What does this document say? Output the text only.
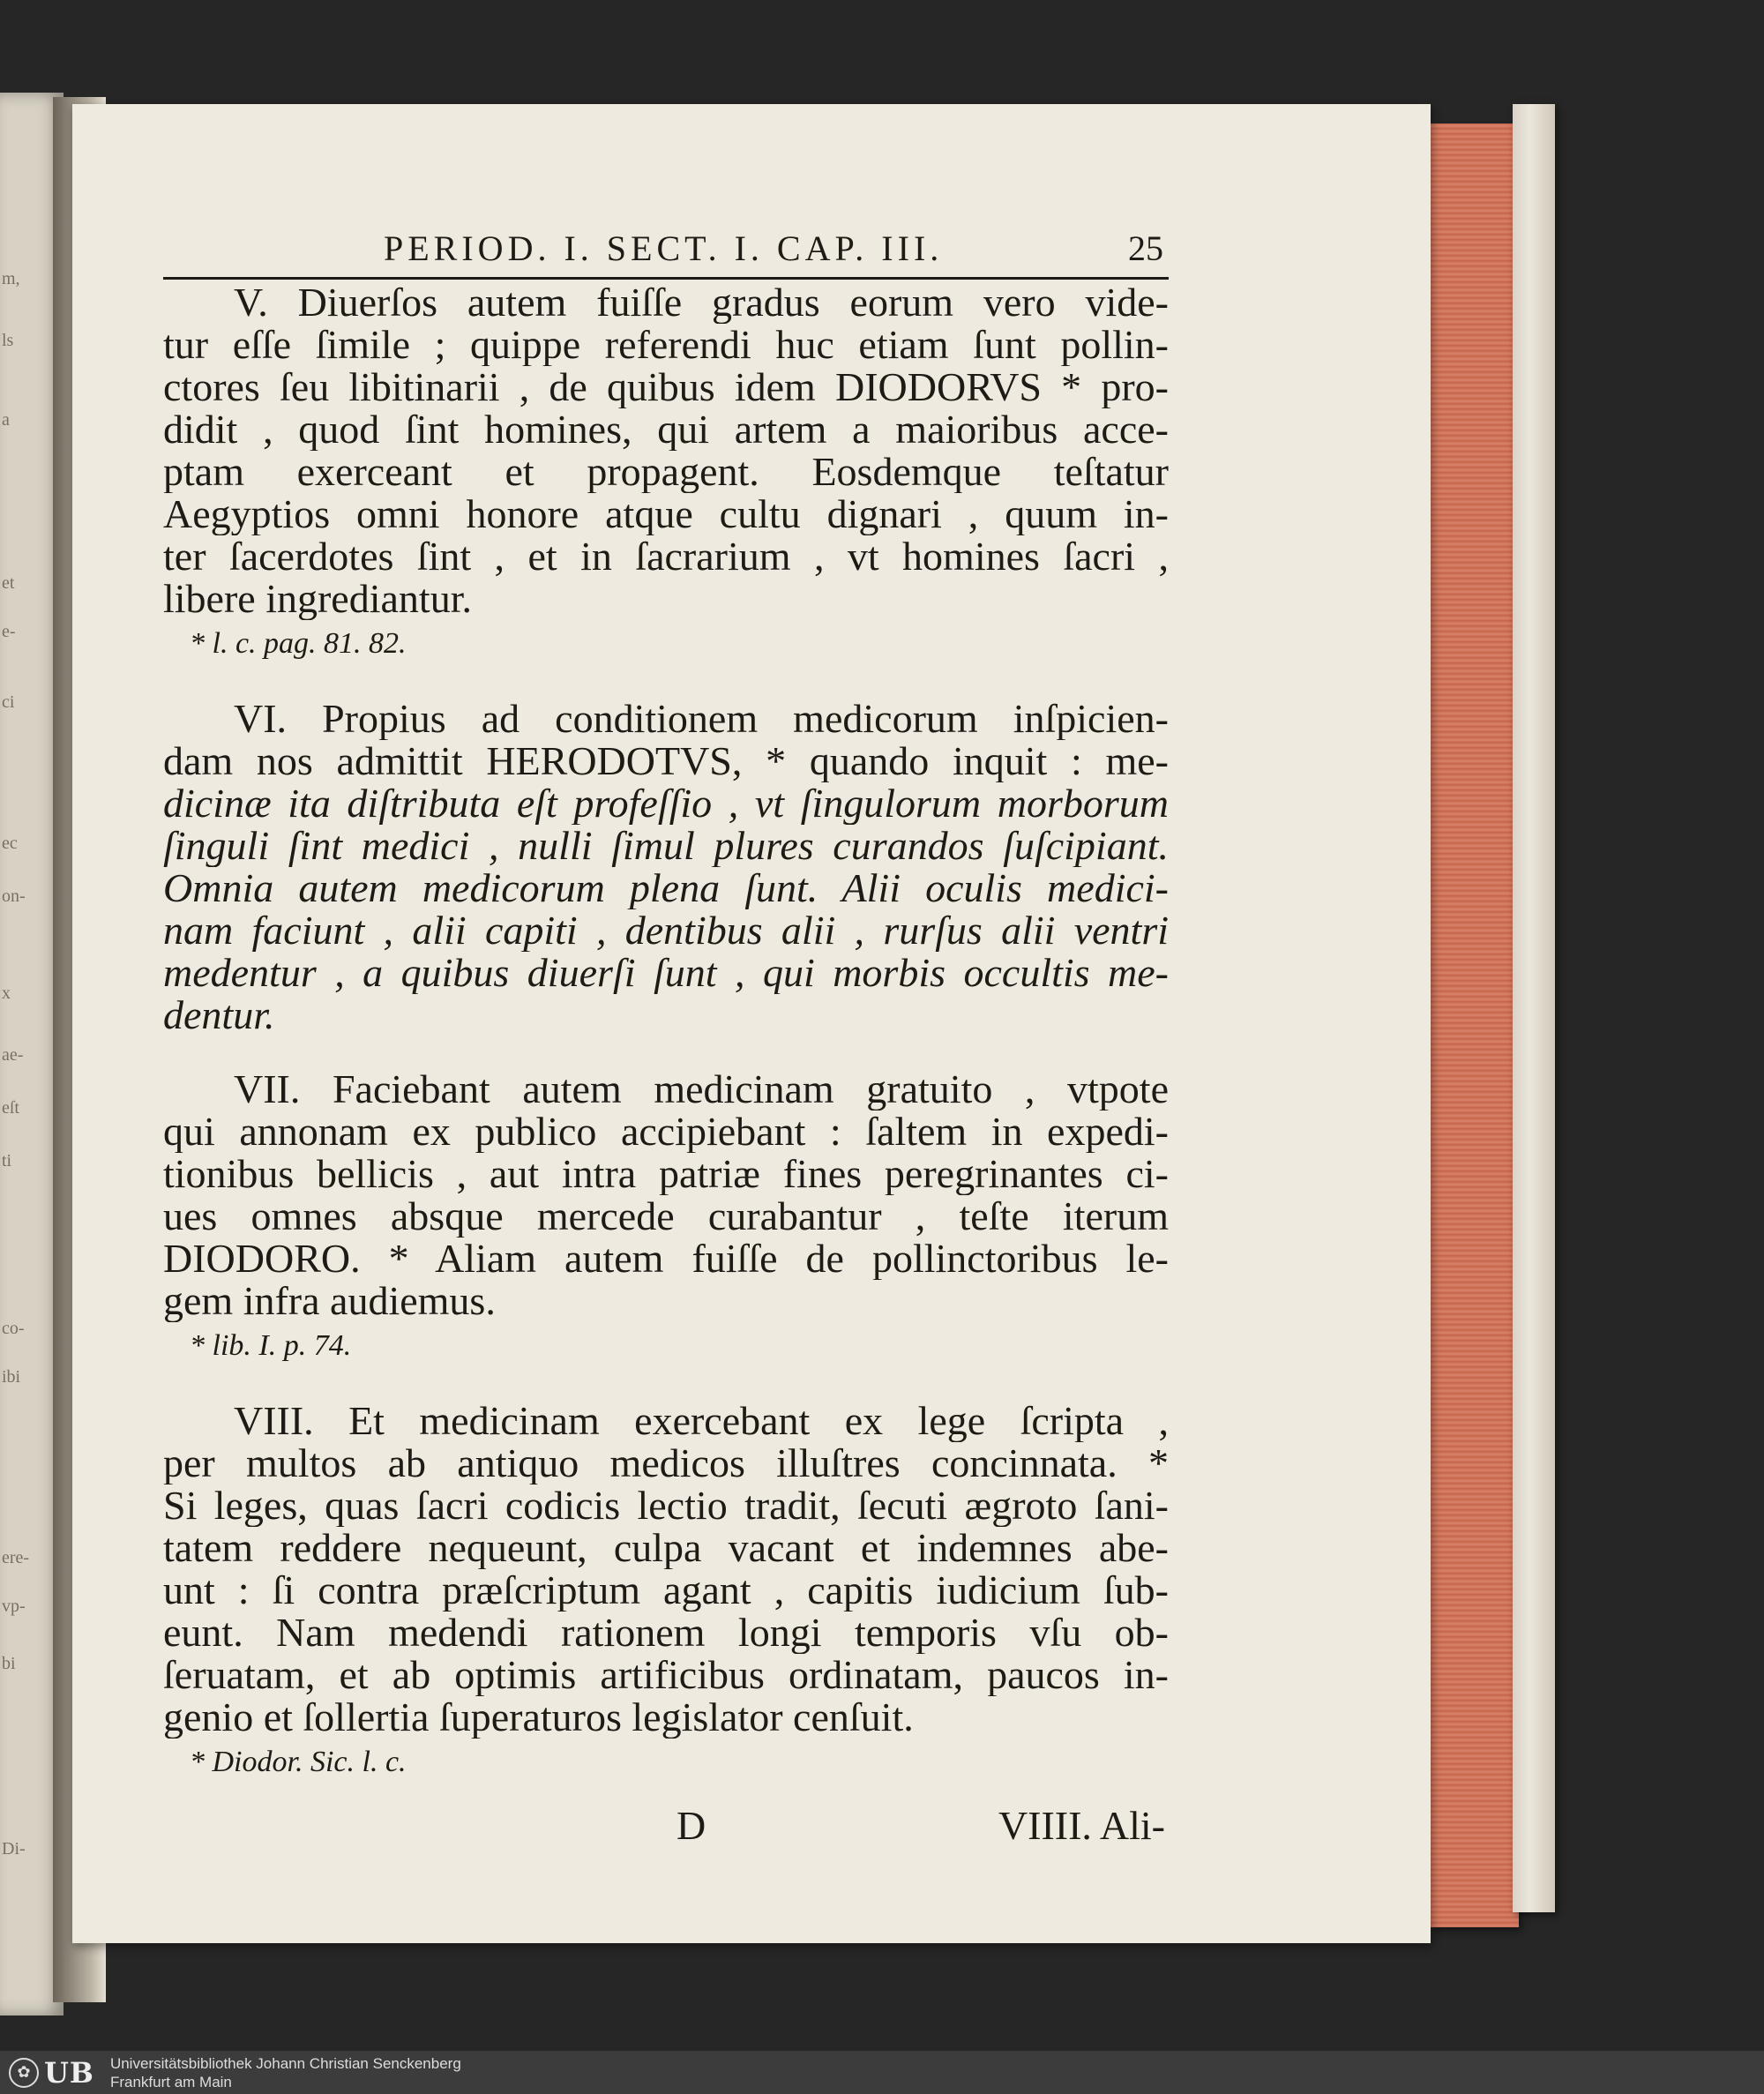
m,
ls
a
et
e-
ci
ec
on-
x
ae-
eſt
ti
co-
ibi
ere-
vp-
bi
Di-
PERIOD. I. SECT. I. CAP. III.	25
V. Diuerſos autem fuiſſe gradus eorum vero vide-
tur eſſe ſimile ; quippe referendi huc etiam ſunt pollin-
ctores ſeu libitinarii , de quibus idem DIODORVS * pro-
didit , quod ſint homines, qui artem a maioribus acce-
ptam exerceant et propagent. Eosdemque teſtatur
Aegyptios omni honore atque cultu dignari , quum in-
ter ſacerdotes ſint , et in ſacrarium , vt homines ſacri ,
libere ingrediantur.
* l. c. pag. 81. 82.
VI. Propius ad conditionem medicorum inſpicien-
dam nos admittit HERODOTVS, * quando inquit : me-
dicinæ ita diſtributa eſt profeſſio , vt ſingulorum morborum
ſinguli ſint medici , nulli ſimul plures curandos ſuſcipiant.
Omnia autem medicorum plena ſunt. Alii oculis medici-
nam faciunt , alii capiti , dentibus alii , rurſus alii ventri
medentur , a quibus diuerſi ſunt , qui morbis occultis me-
dentur.
VII. Faciebant autem medicinam gratuito , vtpote
qui annonam ex publico accipiebant : ſaltem in expedi-
tionibus bellicis , aut intra patriæ fines peregrinantes ci-
ues omnes absque mercede curabantur , teſte iterum
DIODORO. * Aliam autem fuiſſe de pollinctoribus le-
gem infra audiemus.
* lib. I. p. 74.
VIII. Et medicinam exercebant ex lege ſcripta ,
per multos ab antiquo medicos illuſtres concinnata. *
Si leges, quas ſacri codicis lectio tradit, ſecuti ægroto ſani-
tatem reddere nequeunt, culpa vacant et indemnes abe-
unt : ſi contra præſcriptum agant , capitis iudicium ſub-
eunt. Nam medendi rationem longi temporis vſu ob-
ſeruatam, et ab optimis artificibus ordinatam, paucos in-
genio et ſollertia ſuperaturos legislator cenſuit.
* Diodor. Sic. l. c.
D	VIIII. Ali-
✿ UB Universitätsbibliothek Johann Christian Senckenberg
Frankfurt am Main
